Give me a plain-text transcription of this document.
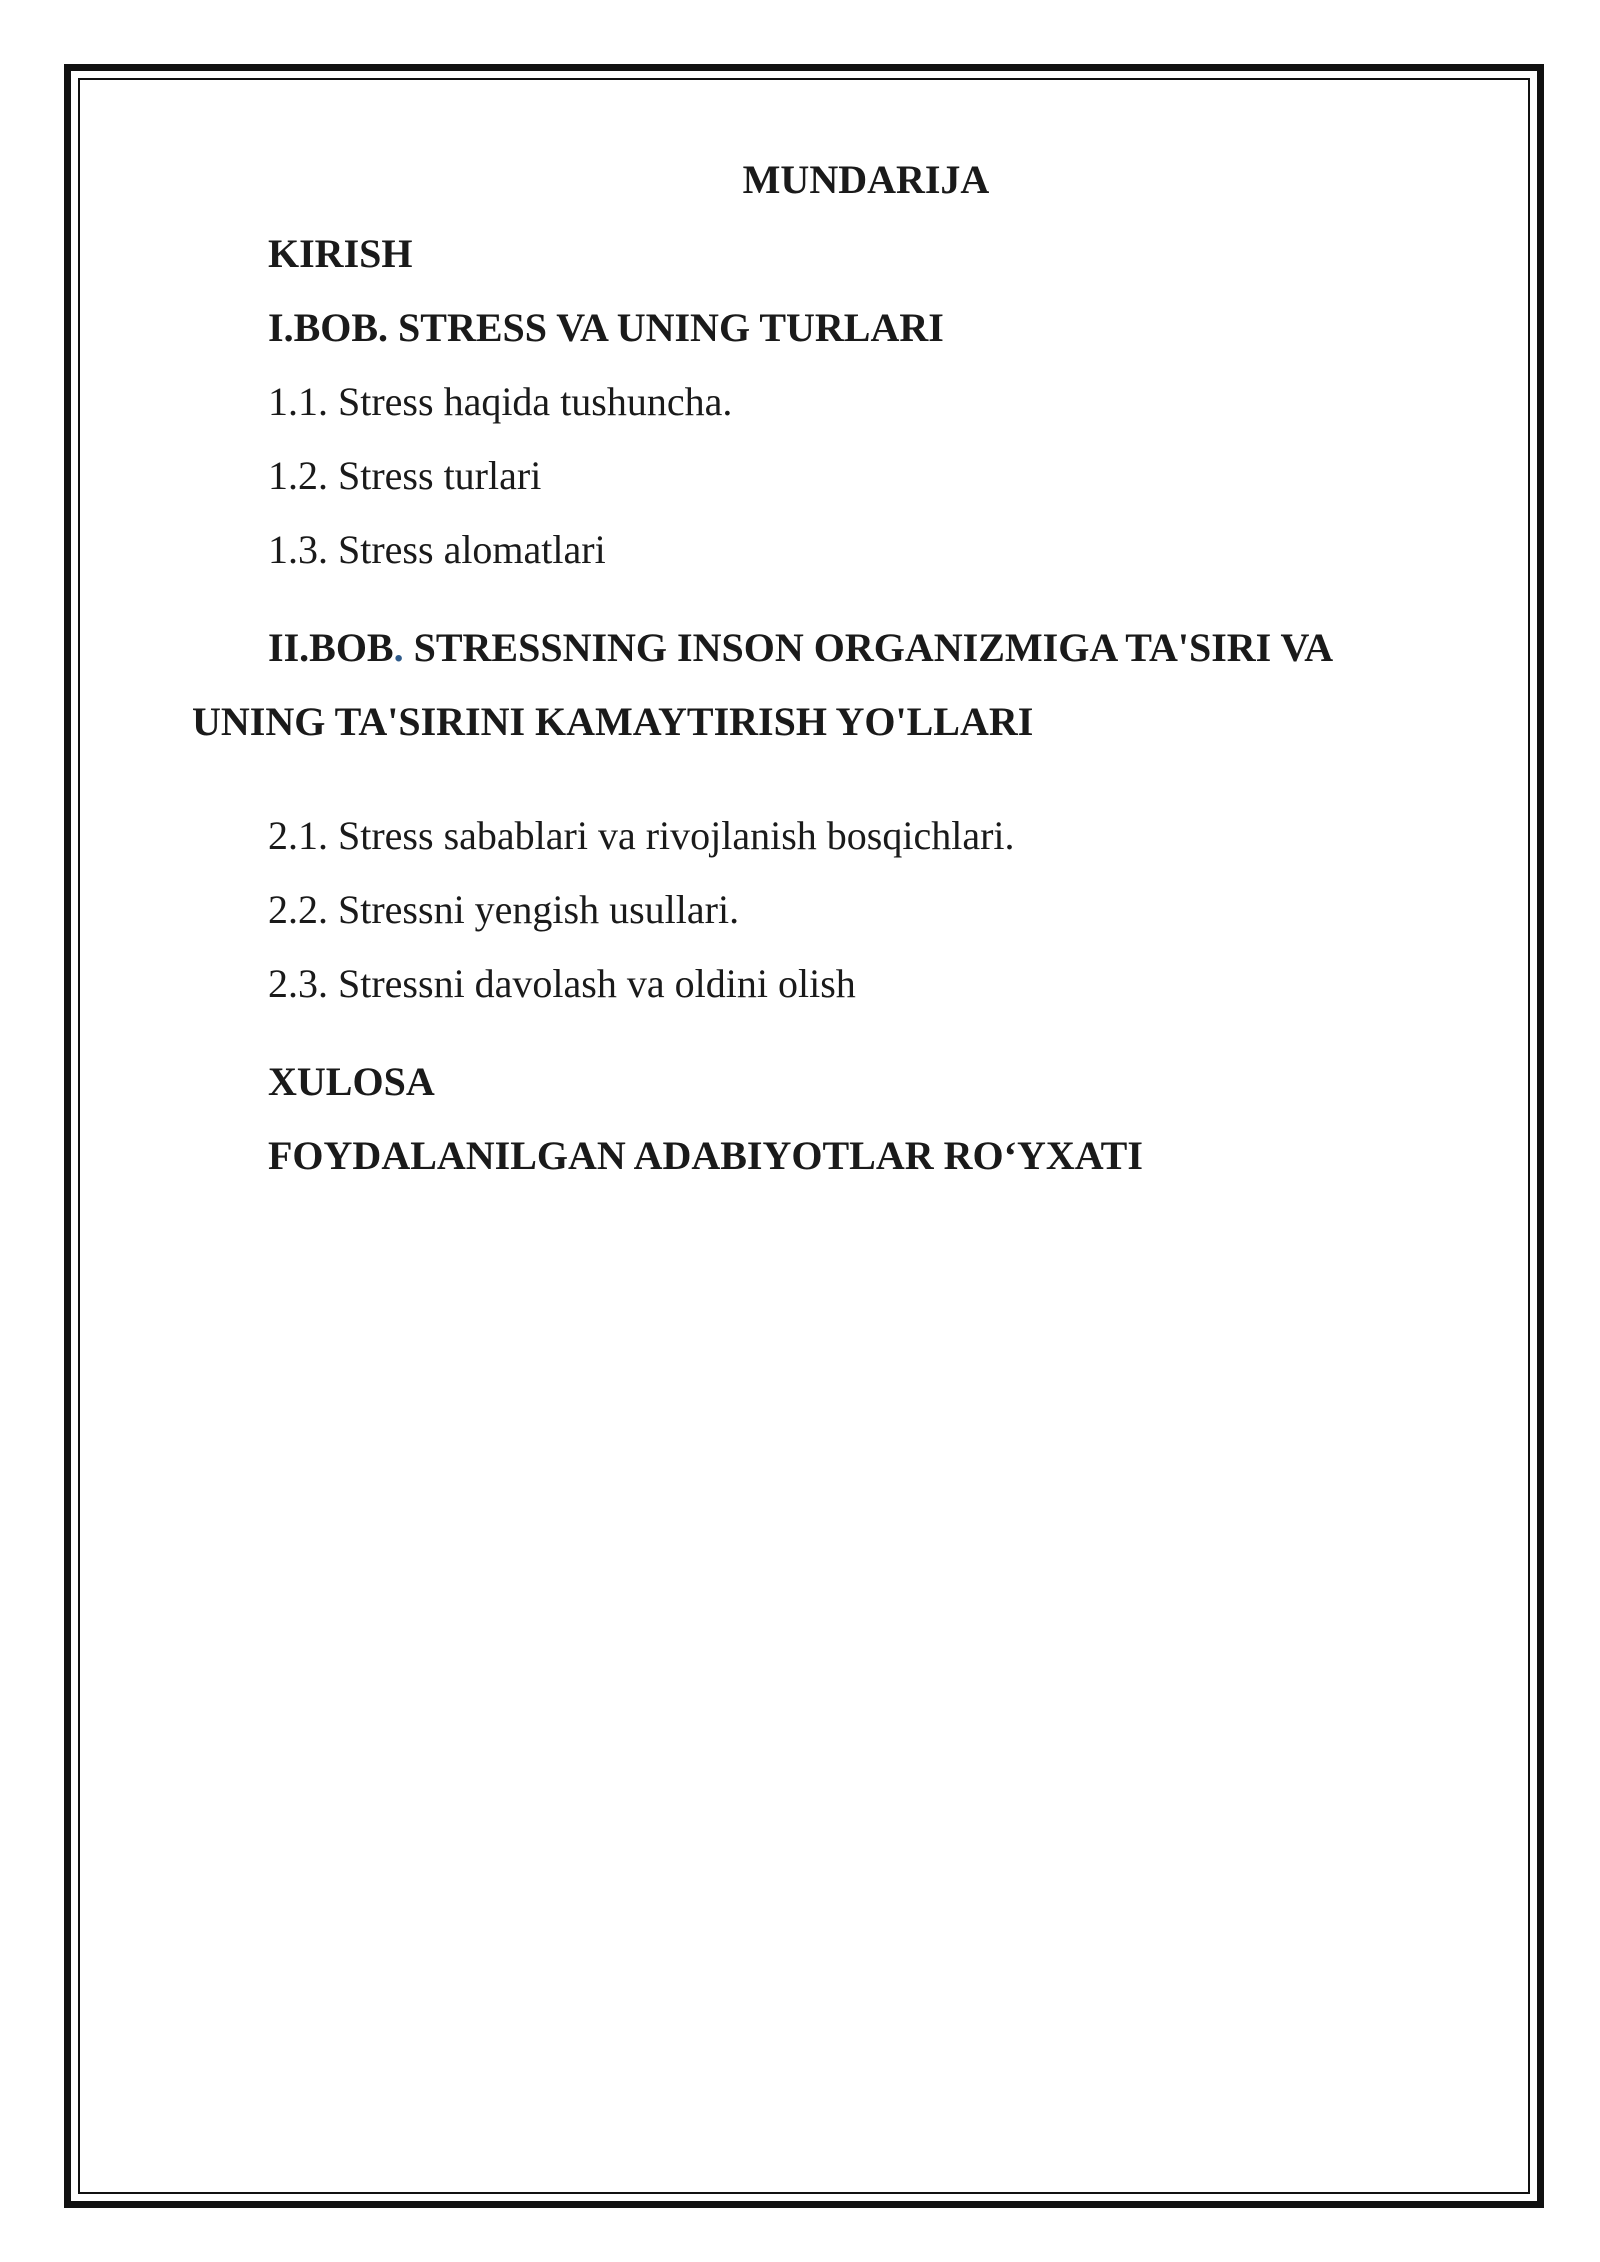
MUNDARIJA
KIRISH
I.BOB. STRESS VA UNING TURLARI
1.1. Stress haqida tushuncha.
1.2. Stress turlari
1.3. Stress alomatlari
II.BOB. STRESSNING INSON ORGANIZMIGA TA'SIRI VA
UNING TA'SIRINI KAMAYTIRISH YO'LLARI
2.1. Stress sabablari va rivojlanish bosqichlari.
2.2. Stressni yengish usullari.
2.3. Stressni davolash va oldini olish
XULOSA
FOYDALANILGAN ADABIYOTLAR RO‘YXATI
